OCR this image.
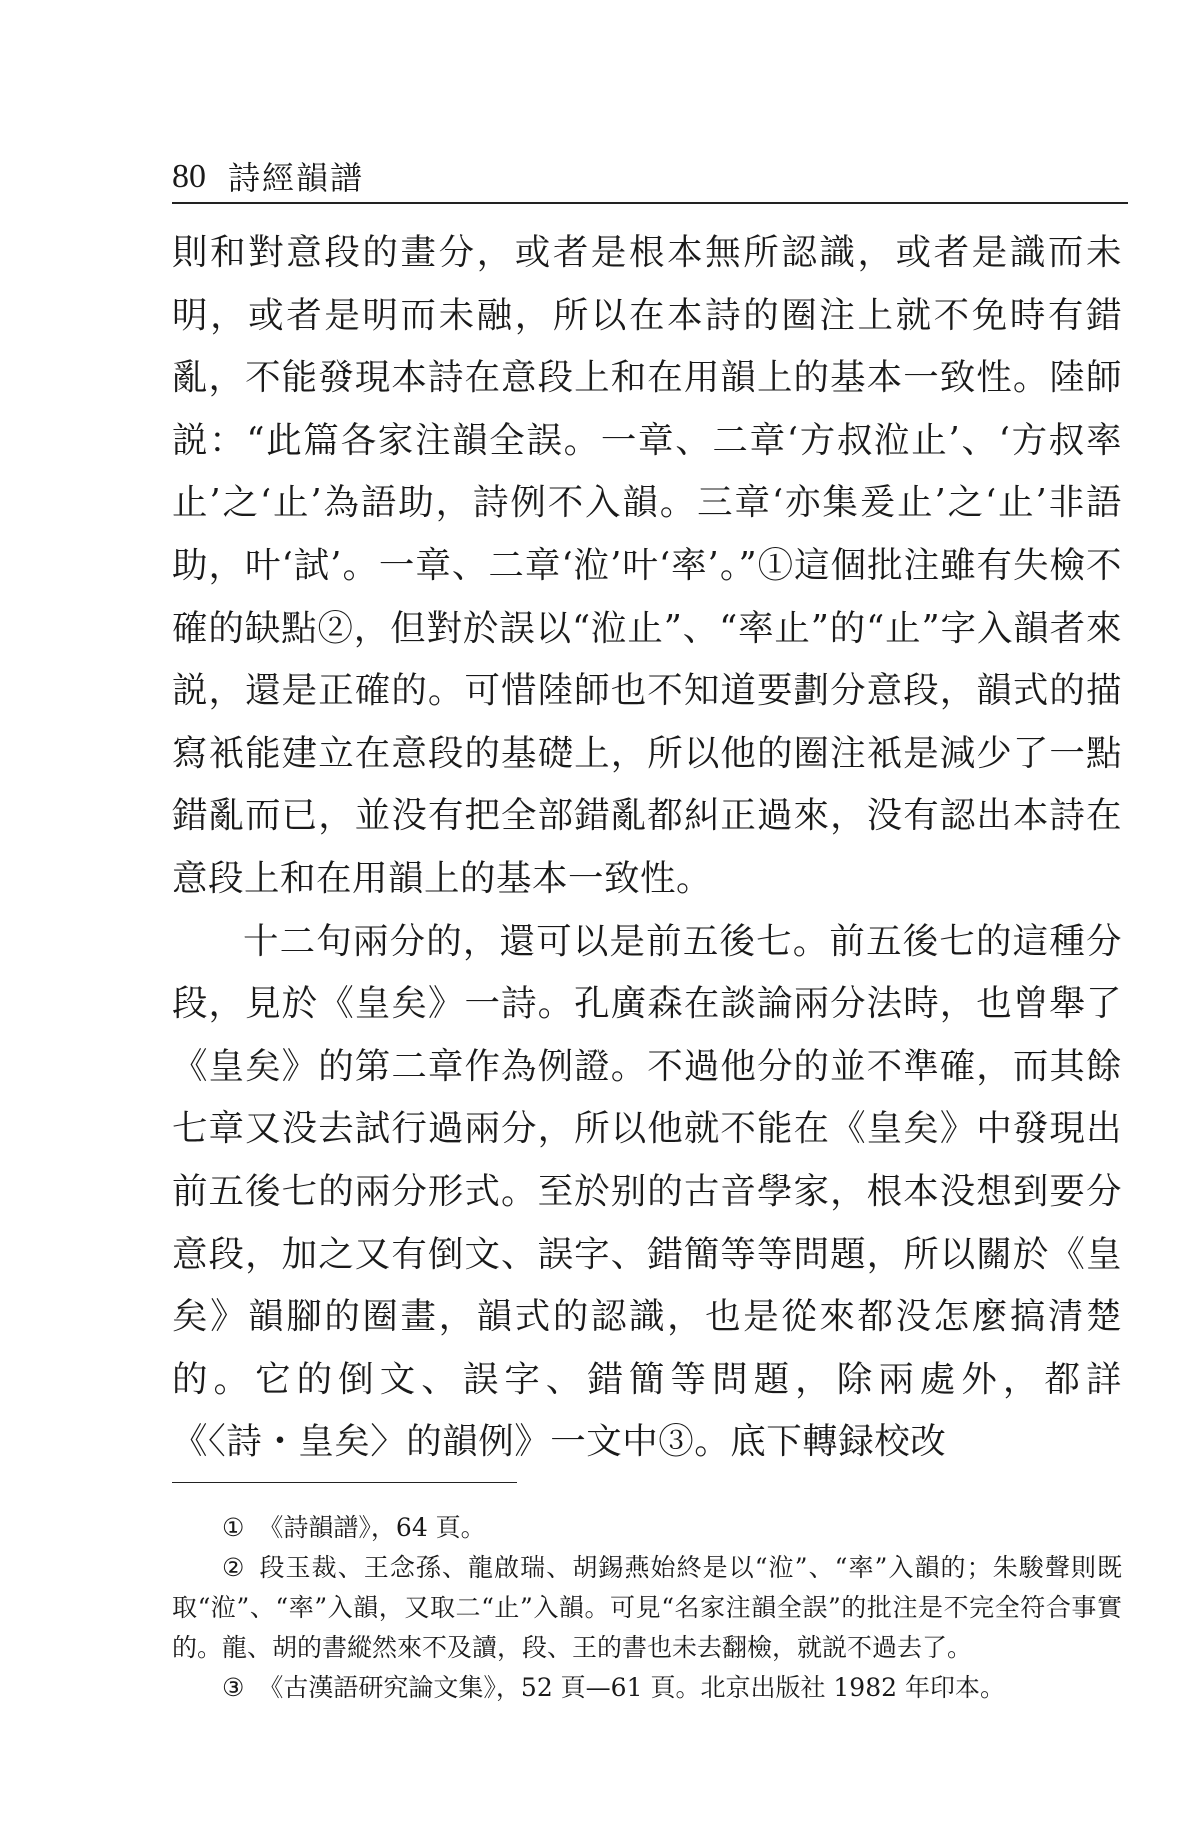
80 詩經韻譜

則和對意段的畫分，或者是根本無所認識，或者是識而未明，或者是明而未融，所以在本詩的圈注上就不免時有錯亂，不能發現本詩在意段上和在用韻上的基本一致性。陸師説：“此篇各家注韻全誤。一章、二章‘方叔涖止’、‘方叔率止’之‘止’為語助，詩例不入韻。三章‘亦集爰止’之‘止’非語助，叶‘試’。一章、二章‘涖’叶‘率’。”①這個批注雖有失檢不確的缺點②，但對於誤以“涖止”、“率止”的“止”字入韻者來説，還是正確的。可惜陸師也不知道要劃分意段，韻式的描寫衹能建立在意段的基礎上，所以他的圈注衹是減少了一點錯亂而已，並没有把全部錯亂都糾正過來，没有認出本詩在意段上和在用韻上的基本一致性。

十二句兩分的，還可以是前五後七。前五後七的這種分段，見於《皇矣》一詩。孔廣森在談論兩分法時，也曾舉了《皇矣》的第二章作為例證。不過他分的並不準確，而其餘七章又没去試行過兩分，所以他就不能在《皇矣》中發現出前五後七的兩分形式。至於别的古音學家，根本没想到要分意段，加之又有倒文、誤字、錯簡等等問題，所以關於《皇矣》韻腳的圈畫，韻式的認識，也是從來都没怎麼搞清楚的。它的倒文、誤字、錯簡等問題，除兩處外，都詳《〈詩・皇矣〉的韻例》一文中③。底下轉録校改

① 《詩韻譜》，64 頁。

② 段玉裁、王念孫、龍啟瑞、胡錫燕始終是以“涖”、“率”入韻的；朱駿聲則既取“涖”、“率”入韻，又取二“止”入韻。可見“名家注韻全誤”的批注是不完全符合事實的。龍、胡的書縱然來不及讀，段、王的書也未去翻檢，就説不過去了。

③ 《古漢語研究論文集》，52 頁—61 頁。北京出版社 1982 年印本。
